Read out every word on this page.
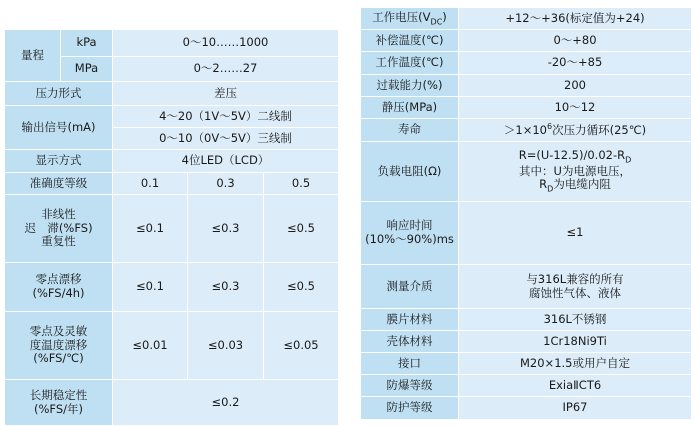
量程	kPa	0～10……1000		
	MPa	0～2……27		
压力形式		差压		
输出信号(mA)		4～20（1V～5V）二线制		
		0～10（0V～5V）三线制		
显示方式		4位LED（LCD）		
准确度等级		0.1	0.3	0.5

非线性
迟　滞(%FS)
重复性		≤0.1	≤0.3	≤0.5

零点漂移
(%FS/4h)		≤0.1	≤0.3	≤0.5

零点及灵敏
度温度漂移
(%FS/℃)		≤0.01	≤0.03	≤0.05

长期稳定性
(%FS/年)		≤0.2		
工作电压$(V_{DC})$	+12～+36(标定值为+24)
补偿温度(℃)	0～+80
工作温度(℃)	-20～+85
过载能力(%)	200
静压(MPa)	10～12
寿命	$>1\times 10^6$次压力循环(25℃)
负载电阻(Ω)	$R=(U-12.5)/0.02-R_D$
其中：U为电源电压，
$R_D$为电缆内阻

响应时间
(10%～90%)ms	≤1
测量介质	与316L兼容的所有
腐蚀性气体、液体

膜片材料	316L不锈钢
壳体材料	1Cr18Ni9Ti
接口	M20×1.5或用户自定
防爆等级	ExiaⅡCT6
防护等级	IP67
